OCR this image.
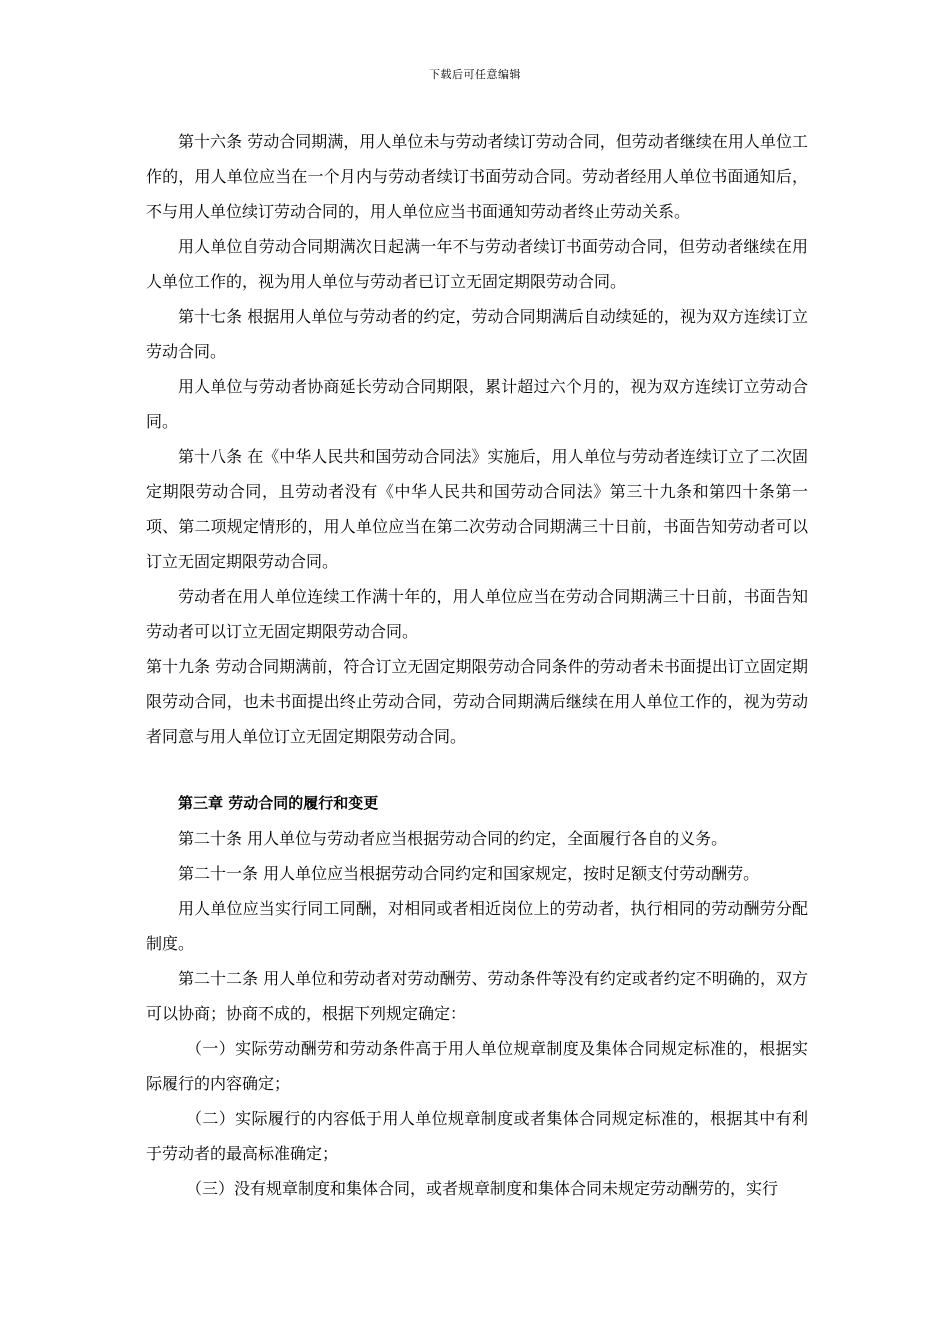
下载后可任意编辑

第十六条 劳动合同期满，用人单位未与劳动者续订劳动合同，但劳动者继续在用人单位工作的，用人单位应当在一个月内与劳动者续订书面劳动合同。劳动者经用人单位书面通知后，不与用人单位续订劳动合同的，用人单位应当书面通知劳动者终止劳动关系。

用人单位自劳动合同期满次日起满一年不与劳动者续订书面劳动合同，但劳动者继续在用人单位工作的，视为用人单位与劳动者已订立无固定期限劳动合同。

第十七条 根据用人单位与劳动者的约定，劳动合同期满后自动续延的，视为双方连续订立劳动合同。

用人单位与劳动者协商延长劳动合同期限，累计超过六个月的，视为双方连续订立劳动合同。

第十八条 在《中华人民共和国劳动合同法》实施后，用人单位与劳动者连续订立了二次固定期限劳动合同，且劳动者没有《中华人民共和国劳动合同法》第三十九条和第四十条第一项、第二项规定情形的，用人单位应当在第二次劳动合同期满三十日前，书面告知劳动者可以订立无固定期限劳动合同。

劳动者在用人单位连续工作满十年的，用人单位应当在劳动合同期满三十日前，书面告知劳动者可以订立无固定期限劳动合同。

第十九条 劳动合同期满前，符合订立无固定期限劳动合同条件的劳动者未书面提出订立固定期限劳动合同，也未书面提出终止劳动合同，劳动合同期满后继续在用人单位工作的，视为劳动者同意与用人单位订立无固定期限劳动合同。

第三章 劳动合同的履行和变更

第二十条 用人单位与劳动者应当根据劳动合同的约定，全面履行各自的义务。

第二十一条 用人单位应当根据劳动合同约定和国家规定，按时足额支付劳动酬劳。

用人单位应当实行同工同酬，对相同或者相近岗位上的劳动者，执行相同的劳动酬劳分配制度。

第二十二条 用人单位和劳动者对劳动酬劳、劳动条件等没有约定或者约定不明确的，双方可以协商；协商不成的，根据下列规定确定：

（一）实际劳动酬劳和劳动条件高于用人单位规章制度及集体合同规定标准的，根据实际履行的内容确定；

（二）实际履行的内容低于用人单位规章制度或者集体合同规定标准的，根据其中有利于劳动者的最高标准确定；

（三）没有规章制度和集体合同，或者规章制度和集体合同未规定劳动酬劳的，实行
